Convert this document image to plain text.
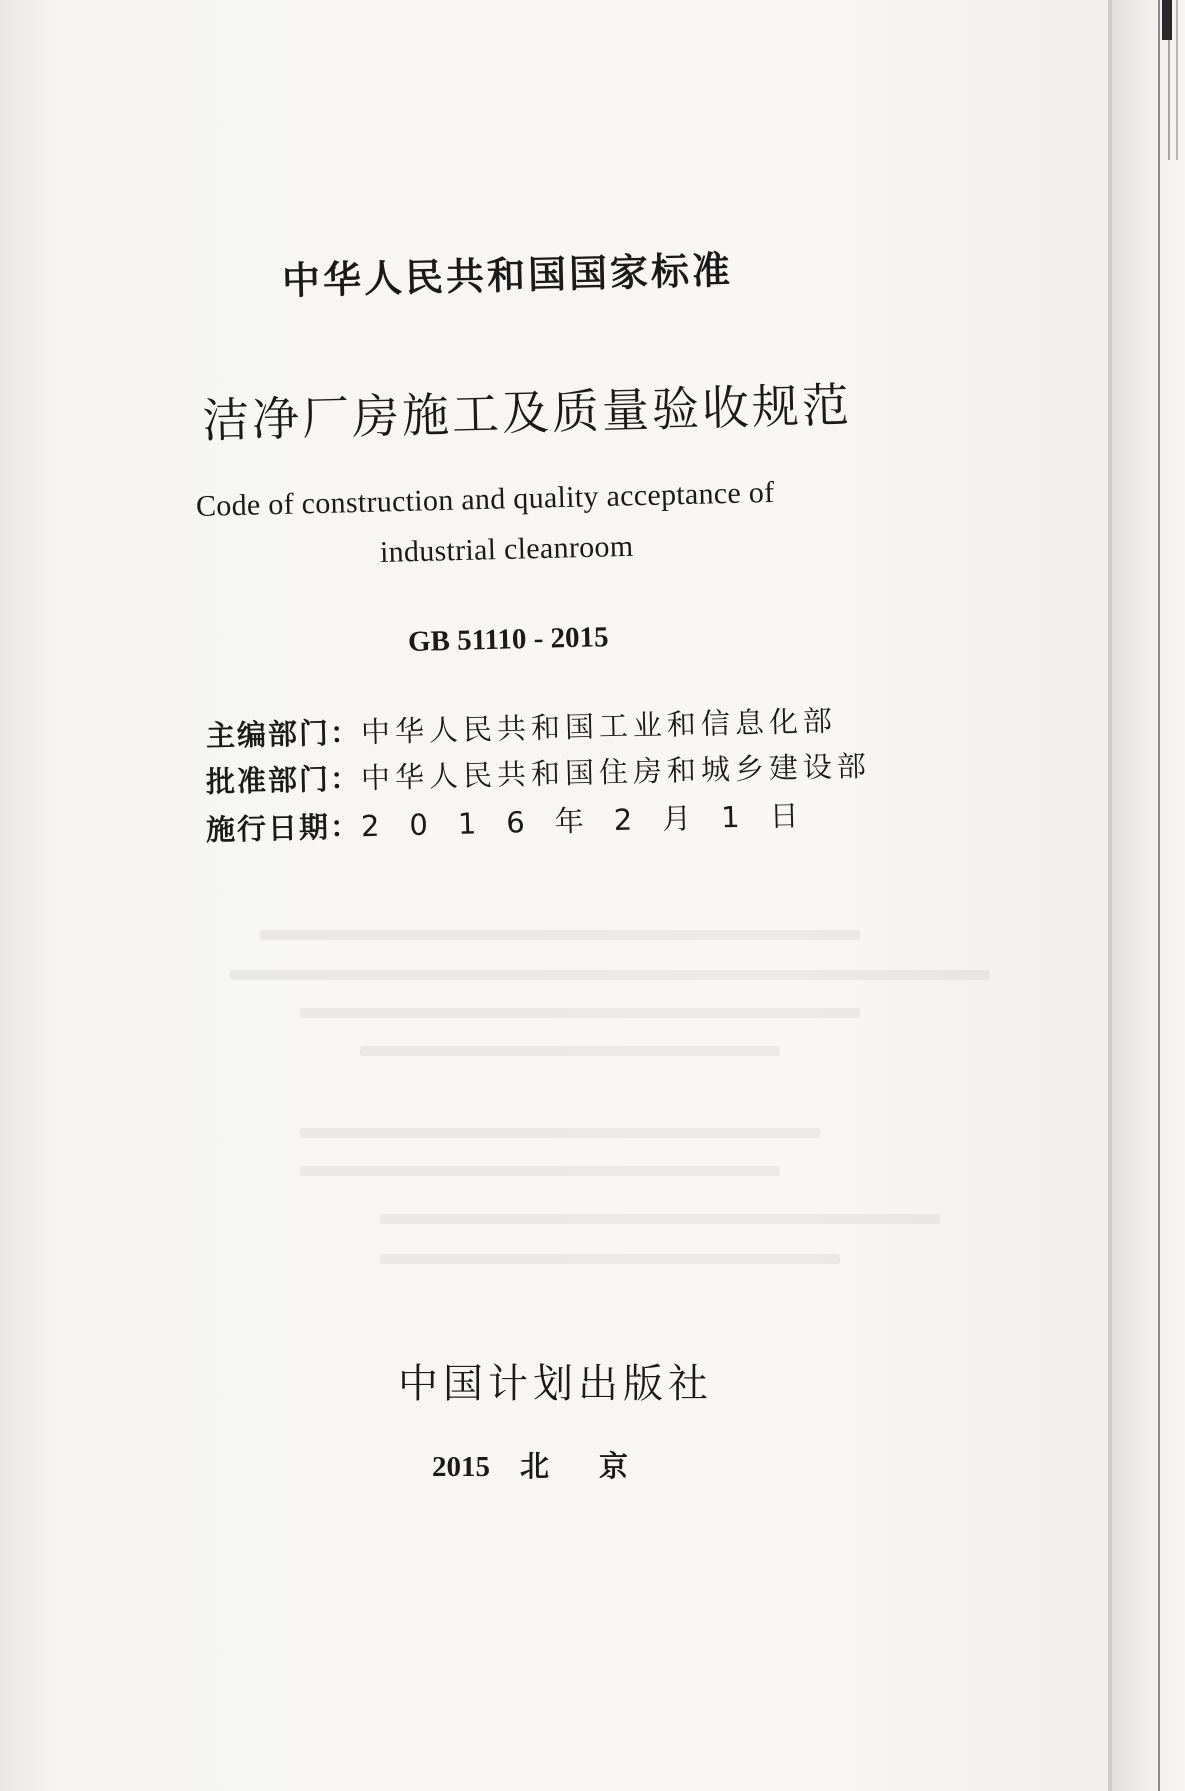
中华人民共和国国家标准
洁净厂房施工及质量验收规范
Code of construction and quality acceptance of
industrial cleanroom
GB 51110 - 2015
主编部门：中华人民共和国工业和信息化部
批准部门：中华人民共和国住房和城乡建设部
施行日期：2016年2月1日
中国计划出版社
2015 北京
